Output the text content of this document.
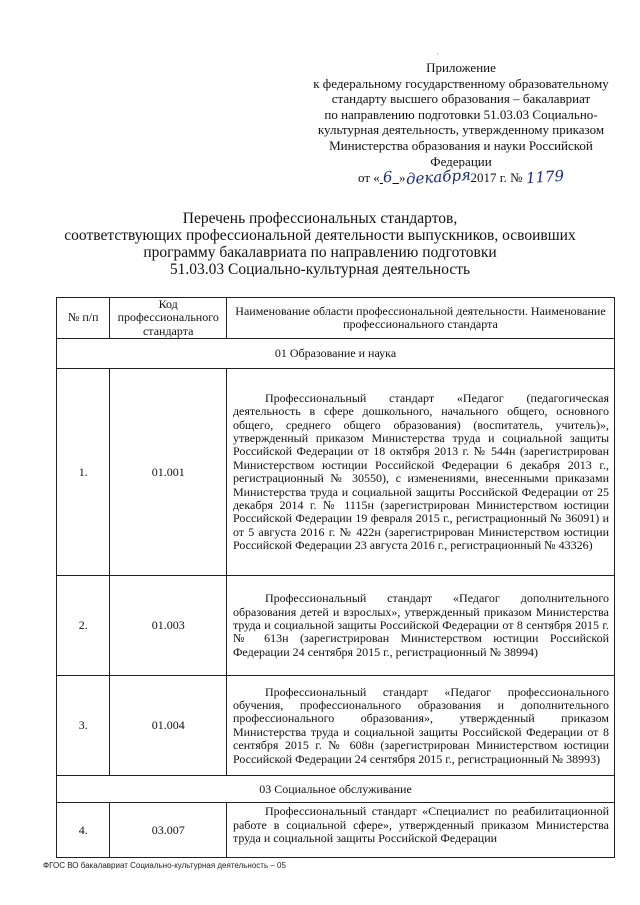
·
Приложение
к федеральному государственному образовательному
стандарту высшего образования – бакалавриат
по направлению подготовки 51.03.03 Социально-
культурная деятельность, утвержденному приказом
Министерства образования и науки Российской
Федерации
от « 6 »декабря2017 г. № 1179
Перечень профессиональных стандартов,
соответствующих профессиональной деятельности выпускников, освоивших
программу бакалавриата по направлению подготовки
51.03.03 Социально-культурная деятельность
№ п/п	Код профессионального стандарта	Наименование области профессиональной деятельности. Наименование профессионального стандарта
01 Образование и наука		
1.	01.001	Профессиональный стандарт «Педагог (педагогическая деятельность в сфере дошкольного, начального общего, основного общего, среднего общего образования) (воспитатель, учитель)», утвержденный приказом Министерства труда и социальной защиты Российской Федерации от 18 октября 2013 г. № 544н (зарегистрирован Министерством юстиции Российской Федерации 6 декабря 2013 г., регистрационный № 30550), с изменениями, внесенными приказами Министерства труда и социальной защиты Российской Федерации от 25 декабря 2014 г. № 1115н (зарегистрирован Министерством юстиции Российской Федерации 19 февраля 2015 г., регистрационный № 36091) и от 5 августа 2016 г. № 422н (зарегистрирован Министерством юстиции Российской Федерации 23 августа 2016 г., регистрационный № 43326)
2.	01.003	Профессиональный стандарт «Педагог дополнительного образования детей и взрослых», утвержденный приказом Министерства труда и социальной защиты Российской Федерации от 8 сентября 2015 г. № 613н (зарегистрирован Министерством юстиции Российской Федерации 24 сентября 2015 г., регистрационный № 38994)
3.	01.004	Профессиональный стандарт «Педагог профессионального обучения, профессионального образования и дополнительного профессионального образования», утвержденный приказом Министерства труда и социальной защиты Российской Федерации от 8 сентября 2015 г. № 608н (зарегистрирован Министерством юстиции Российской Федерации 24 сентября 2015 г., регистрационный № 38993)
03 Социальное обслуживание		
4.	03.007	Профессиональный стандарт «Специалист по реабилитационной работе в социальной сфере», утвержденный приказом Министерства труда и социальной защиты Российской Федерации
ФГОС ВО бакалавриат Социально-культурная деятельность – 05
